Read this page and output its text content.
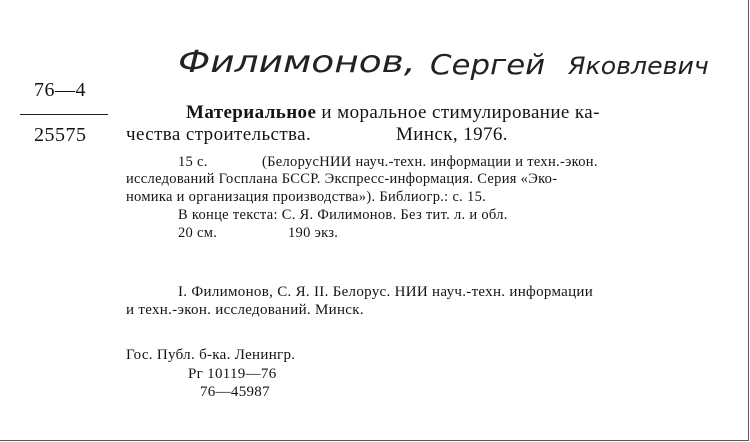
76—4
25575
Филимонов, Сергей Яковлевич
Материальное и моральное стимулирование ка-
чества строительства.	Минск, 1976.
15 с.	(БелорусНИИ науч.-техн. информации и техн.-экон.
исследований Госплана БССР. Экспресс-информация. Серия «Эко-
номика и организация производства»). Библиогр.: с. 15.
В конце текста: С. Я. Филимонов. Без тит. л. и обл.
20 см.	190 экз.
I. Филимонов, С. Я. II. Белорус. НИИ науч.-техн. информации
и техн.-экон. исследований. Минск.
Гос. Публ. б-ка. Ленингр.
Рг 10119—76
76—45987
